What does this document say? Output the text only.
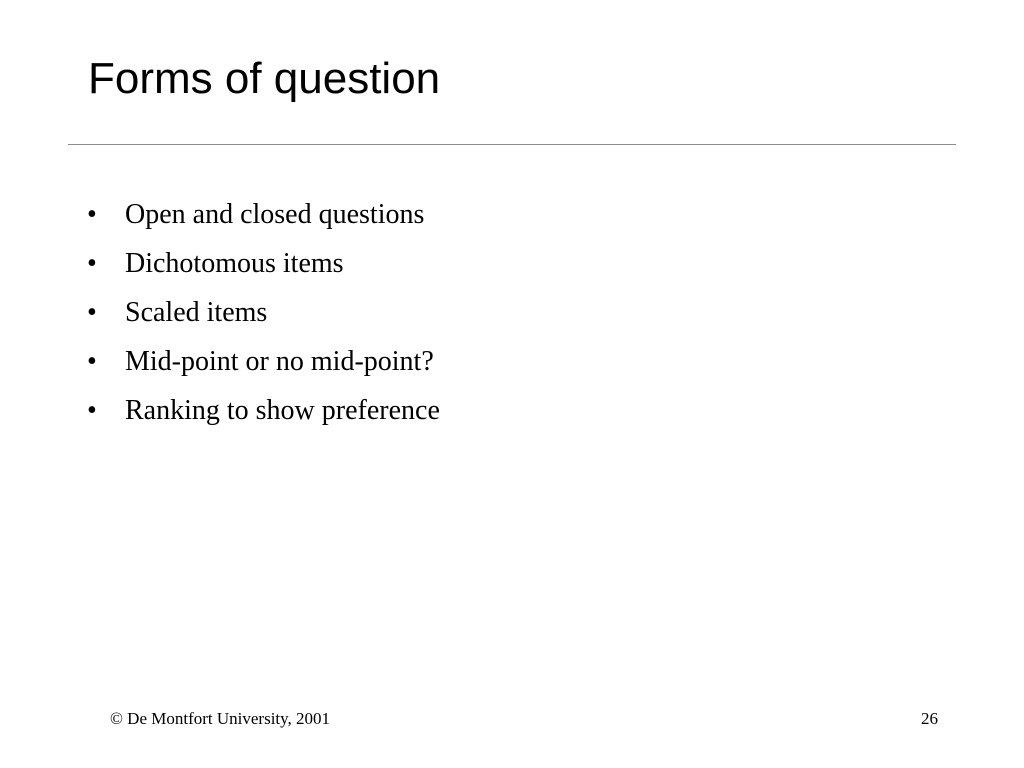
Forms of question
•	Open and closed questions
•	Dichotomous items
•	Scaled items
•	Mid-point or no mid-point?
•	Ranking to show preference
© De Montfort University, 2001	26
